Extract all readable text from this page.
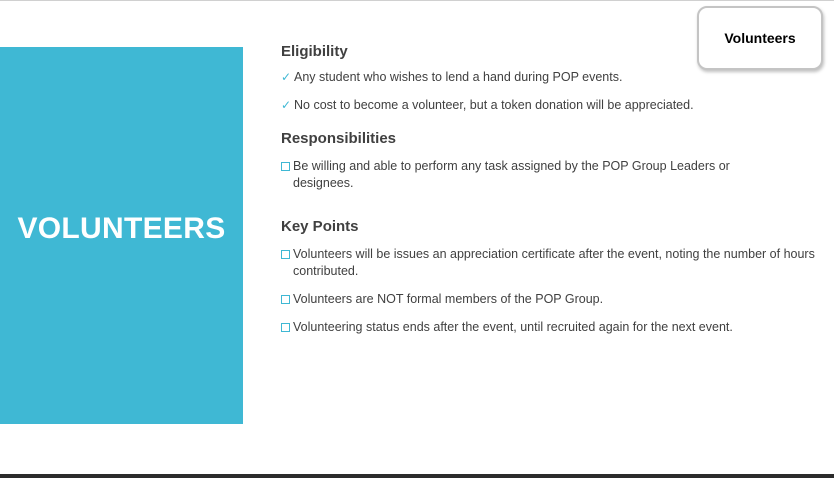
VOLUNTEERS
Volunteers
Eligibility
✓ Any student who wishes to lend a hand during POP events.
✓ No cost to become a volunteer, but a token donation will be appreciated.
Responsibilities
Be willing and able to perform any task assigned by the POP Group Leaders or designees.
Key Points
Volunteers will be issues an appreciation certificate after the event, noting the number of hours contributed.
Volunteers are NOT formal members of the POP Group.
Volunteering status ends after the event, until recruited again for the next event.
